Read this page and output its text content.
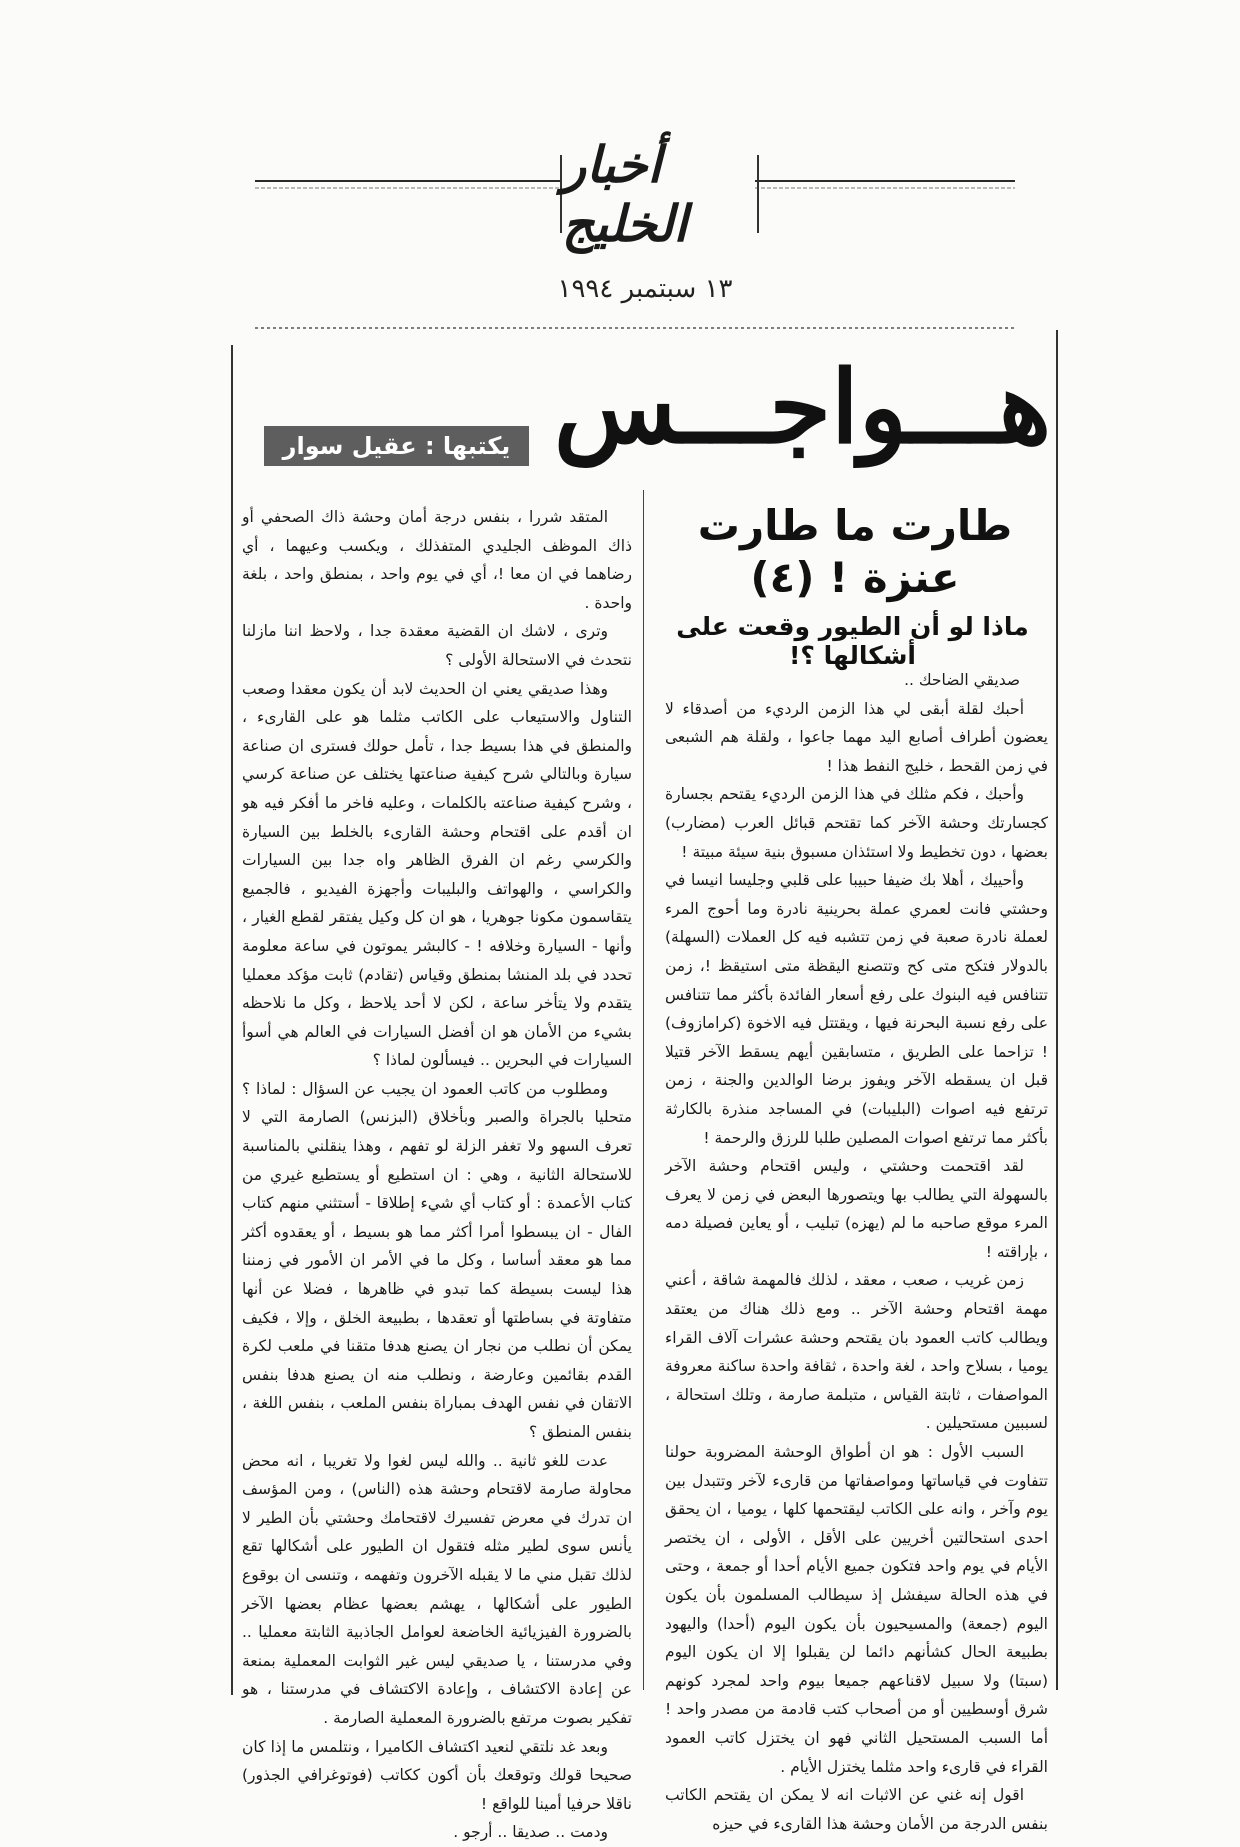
أخبار الخليج
١٣ سبتمبر ١٩٩٤
هـــواجـــس
يكتبها : عقيل سوار
طارت ما طارت عنزة ! (٤)
ماذا لو أن الطيور وقعت على أشكالها ؟!

صديقي الضاحك ..

أحبك لقلة أبقى لي هذا الزمن الرديء من أصدقاء لا يعضون أطراف أصابع اليد مهما جاعوا ، ولقلة هم الشبعى في زمن القحط ، خليج النفط هذا !

وأحبك ، فكم مثلك في هذا الزمن الرديء يقتحم بجسارة كجسارتك وحشة الآخر كما تقتحم قبائل العرب (مضارب) بعضها ، دون تخطيط ولا استئذان مسبوق بنية سيئة مبيتة !

وأحييك ، أهلا بك ضيفا حبيبا على قلبي وجليسا انيسا في وحشتي فانت لعمري عملة بحرينية نادرة وما أحوج المرء لعملة نادرة صعبة في زمن تتشبه فيه كل العملات (السهلة) بالدولار فتكح متى كح وتتصنع اليقظة متى استيقظ !، زمن تتنافس فيه البنوك على رفع أسعار الفائدة بأكثر مما تتنافس على رفع نسبة البحرنة فيها ، ويقتتل فيه الاخوة (كرامازوف) ! تزاحما على الطريق ، متسابقين أيهم يسقط الآخر قتيلا قبل ان يسقطه الآخر ويفوز برضا الوالدين والجنة ، زمن ترتفع فيه اصوات (البليبات) في المساجد منذرة بالكارثة بأكثر مما ترتفع اصوات المصلين طلبا للرزق والرحمة !

لقد اقتحمت وحشتي ، وليس اقتحام وحشة الآخر بالسهولة التي يطالب بها ويتصورها البعض في زمن لا يعرف المرء موقع صاحبه ما لم (يهزه) تبليب ، أو يعاين فصيلة دمه ، بإراقته !

زمن غريب ، صعب ، معقد ، لذلك فالمهمة شاقة ، أعني مهمة اقتحام وحشة الآخر .. ومع ذلك هناك من يعتقد ويطالب كاتب العمود بان يقتحم وحشة عشرات آلاف القراء يوميا ، بسلاح واحد ، لغة واحدة ، ثقافة واحدة ساكنة معروفة المواصفات ، ثابتة القياس ، متبلمة صارمة ، وتلك استحالة ، لسببين مستحيلين .

السبب الأول : هو ان أطواق الوحشة المضروبة حولنا تتفاوت في قياساتها ومواصفاتها من قارىء لآخر وتتبدل بين يوم وآخر ، وانه على الكاتب ليقتحمها كلها ، يوميا ، ان يحقق احدى استحالتين أخريين على الأقل ، الأولى ، ان يختصر الأيام في يوم واحد فتكون جميع الأيام أحدا أو جمعة ، وحتى في هذه الحالة سيفشل إذ سيطالب المسلمون بأن يكون اليوم (جمعة) والمسيحيون بأن يكون اليوم (أحدا) واليهود بطبيعة الحال كشأنهم دائما لن يقبلوا إلا ان يكون اليوم (سبتا) ولا سبيل لاقناعهم جميعا بيوم واحد لمجرد كونهم شرق أوسطيين أو من أصحاب كتب قادمة من مصدر واحد ! أما السبب المستحيل الثاني فهو ان يختزل كاتب العمود القراء في قارىء واحد مثلما يختزل الأيام .

اقول إنه غني عن الاثبات انه لا يمكن ان يقتحم الكاتب بنفس الدرجة من الأمان وحشة هذا القارىء في حيزه

المتقد شررا ، بنفس درجة أمان وحشة ذاك الصحفي أو ذاك الموظف الجليدي المتفذلك ، ويكسب وعيهما ، أي رضاهما في ان معا !، أي في يوم واحد ، بمنطق واحد ، بلغة واحدة .

وترى ، لاشك ان القضية معقدة جدا ، ولاحظ اننا مازلنا نتحدث في الاستحالة الأولى ؟

وهذا صديقي يعني ان الحديث لابد أن يكون معقدا وصعب التناول والاستيعاب على الكاتب مثلما هو على القارىء ، والمنطق في هذا بسيط جدا ، تأمل حولك فسترى ان صناعة سيارة وبالتالي شرح كيفية صناعتها يختلف عن صناعة كرسي ، وشرح كيفية صناعته بالكلمات ، وعليه فاخر ما أفكر فيه هو ان أقدم على اقتحام وحشة القارىء بالخلط بين السيارة والكرسي رغم ان الفرق الظاهر واه جدا بين السيارات والكراسي ، والهواتف والبليبات وأجهزة الفيديو ، فالجميع يتقاسمون مكونا جوهريا ، هو ان كل وكيل يفتقر لقطع الغيار ، وأنها - السيارة وخلافه ! - كالبشر يموتون في ساعة معلومة تحدد في بلد المنشا بمنطق وقياس (تقادم) ثابت مؤكد معمليا يتقدم ولا يتأخر ساعة ، لكن لا أحد يلاحظ ، وكل ما نلاحظه بشيء من الأمان هو ان أفضل السيارات في العالم هي أسوأ السيارات في البحرين .. فيسألون لماذا ؟

ومطلوب من كاتب العمود ان يجيب عن السؤال : لماذا ؟ متحليا بالجراة والصبر وبأخلاق (البزنس) الصارمة التي لا تعرف السهو ولا تغفر الزلة لو تفهم ، وهذا ينقلني بالمناسبة للاستحالة الثانية ، وهي : ان استطيع أو يستطيع غيري من كتاب الأعمدة : أو كتاب أي شيء إطلاقا - أستثني منهم كتاب الفال - ان يبسطوا أمرا أكثر مما هو بسيط ، أو يعقدوه أكثر مما هو معقد أساسا ، وكل ما في الأمر ان الأمور في زمننا هذا ليست بسيطة كما تبدو في ظاهرها ، فضلا عن أنها متفاوتة في بساطتها أو تعقدها ، بطبيعة الخلق ، وإلا ، فكيف يمكن أن نطلب من نجار ان يصنع هدفا متقنا في ملعب لكرة القدم بقائمين وعارضة ، ونطلب منه ان يصنع هدفا بنفس الاتقان في نفس الهدف بمباراة بنفس الملعب ، بنفس اللغة ، بنفس المنطق ؟

عدت للغو ثانية .. والله ليس لغوا ولا تغريبا ، انه محض محاولة صارمة لاقتحام وحشة هذه (الناس) ، ومن المؤسف ان تدرك في معرض تفسيرك لاقتحامك وحشتي بأن الطير لا يأنس سوى لطير مثله فتقول ان الطيور على أشكالها تقع لذلك تقبل مني ما لا يقبله الآخرون وتفهمه ، وتنسى ان بوقوع الطيور على أشكالها ، يهشم بعضها عظام بعضها الآخر بالضرورة الفيزيائية الخاضعة لعوامل الجاذبية الثابتة معمليا .. وفي مدرستنا ، يا صديقي ليس غير الثوابت المعملية بمنعة عن إعادة الاكتشاف ، وإعادة الاكتشاف في مدرستنا ، هو تفكير بصوت مرتفع بالضرورة المعملية الصارمة .

وبعد غد نلتقي لنعيد اكتشاف الكاميرا ، ونتلمس ما إذا كان صحيحا قولك وتوقعك بأن أكون ككاتب (فوتوغرافي الجذور) ناقلا حرفيا أمينا للواقع !

ودمت .. صديقا .. أرجو .
